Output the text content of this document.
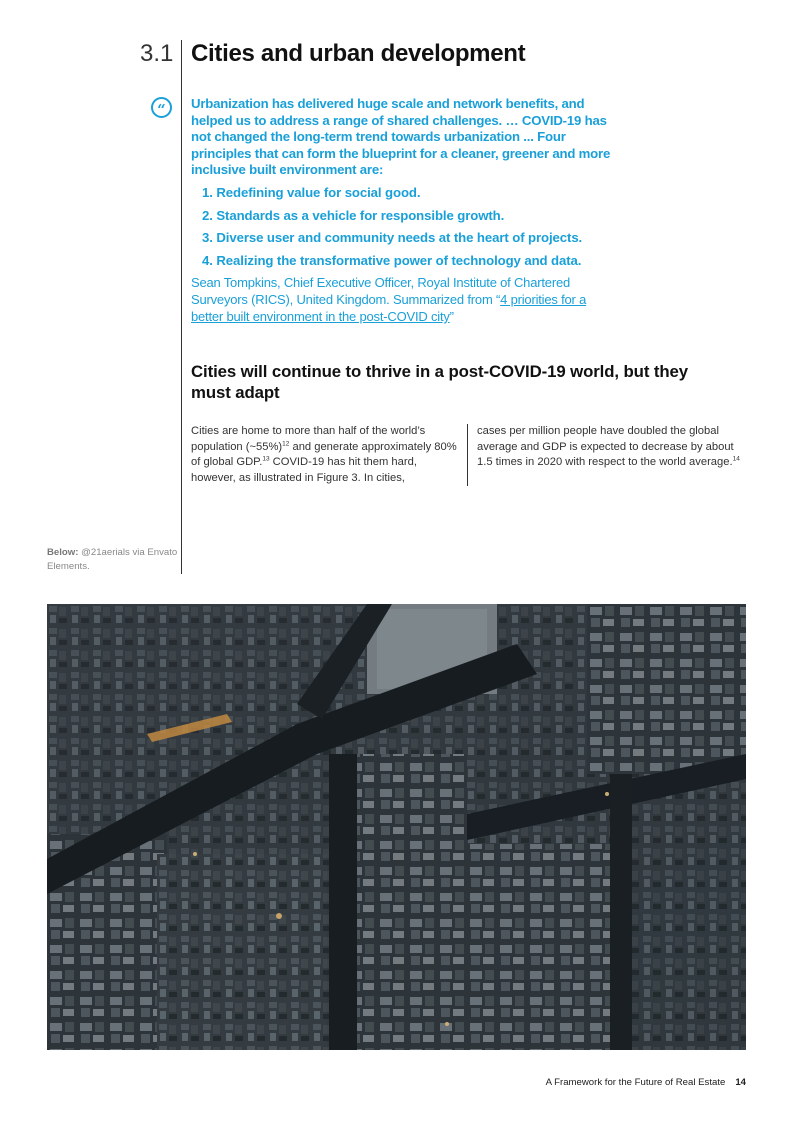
3.1 Cities and urban development
“	Urbanization has delivered huge scale and network benefits, and helped us to address a range of shared challenges. … COVID-19 has not changed the long-term trend towards urbanization ... Four principles that can form the blueprint for a cleaner, greener and more inclusive built environment are:
1. Redefining value for social good.
2. Standards as a vehicle for responsible growth.
3. Diverse user and community needs at the heart of projects.
4. Realizing the transformative power of technology and data.
Sean Tompkins, Chief Executive Officer, Royal Institute of Chartered Surveyors (RICS), United Kingdom. Summarized from “4 priorities for a better built environment in the post-COVID city”
Cities will continue to thrive in a post-COVID-19 world, but they must adapt
Cities are home to more than half of the world’s population (~55%)$^{12}$ and generate approximately 80% of global GDP.$^{13}$ COVID-19 has hit them hard, however, as illustrated in Figure 3. In cities,
cases per million people have doubled the global average and GDP is expected to decrease by about 1.5 times in 2020 with respect to the world average.$^{14}$
Below: @21aerials via Envato Elements.
A Framework for the Future of Real Estate 14
